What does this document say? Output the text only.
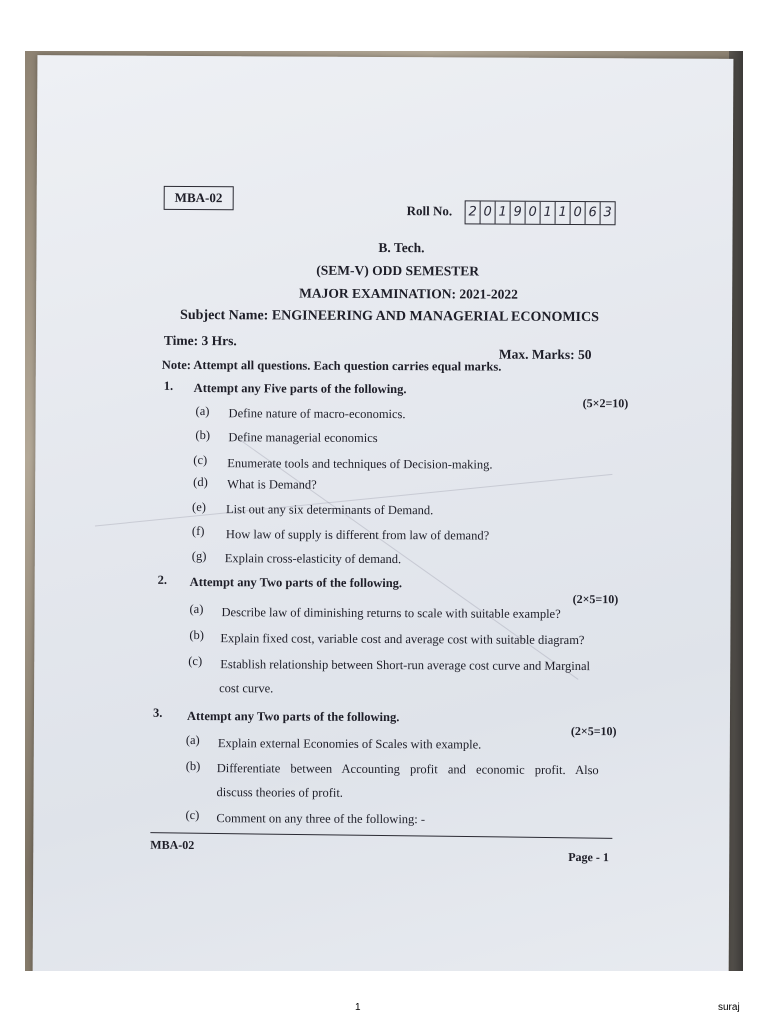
MBA-02
Roll No. 2 0 1 9 0 1 1 0 6 3
B. Tech.
(SEM-V) ODD SEMESTER
MAJOR EXAMINATION: 2021-2022
Subject Name: ENGINEERING AND MANAGERIAL ECONOMICS
Time: 3 Hrs.
Max. Marks: 50
Note: Attempt all questions. Each question carries equal marks.
1. Attempt any Five parts of the following.
(5×2=10)
(a) Define nature of macro-economics.
(b) Define managerial economics
(c) Enumerate tools and techniques of Decision-making.
(d) What is Demand?
(e) List out any six determinants of Demand.
(f) How law of supply is different from law of demand?
(g) Explain cross-elasticity of demand.
2. Attempt any Two parts of the following.
(2×5=10)
(a) Describe law of diminishing returns to scale with suitable example?
(b) Explain fixed cost, variable cost and average cost with suitable diagram?
(c) Establish relationship between Short-run average cost curve and Marginal
cost curve.
3. Attempt any Two parts of the following.
(2×5=10)
(a) Explain external Economies of Scales with example.
(b) Differentiate between Accounting profit and economic profit. Also
discuss theories of profit.
(c) Comment on any three of the following: -
MBA-02
Page - 1
1	suraj
